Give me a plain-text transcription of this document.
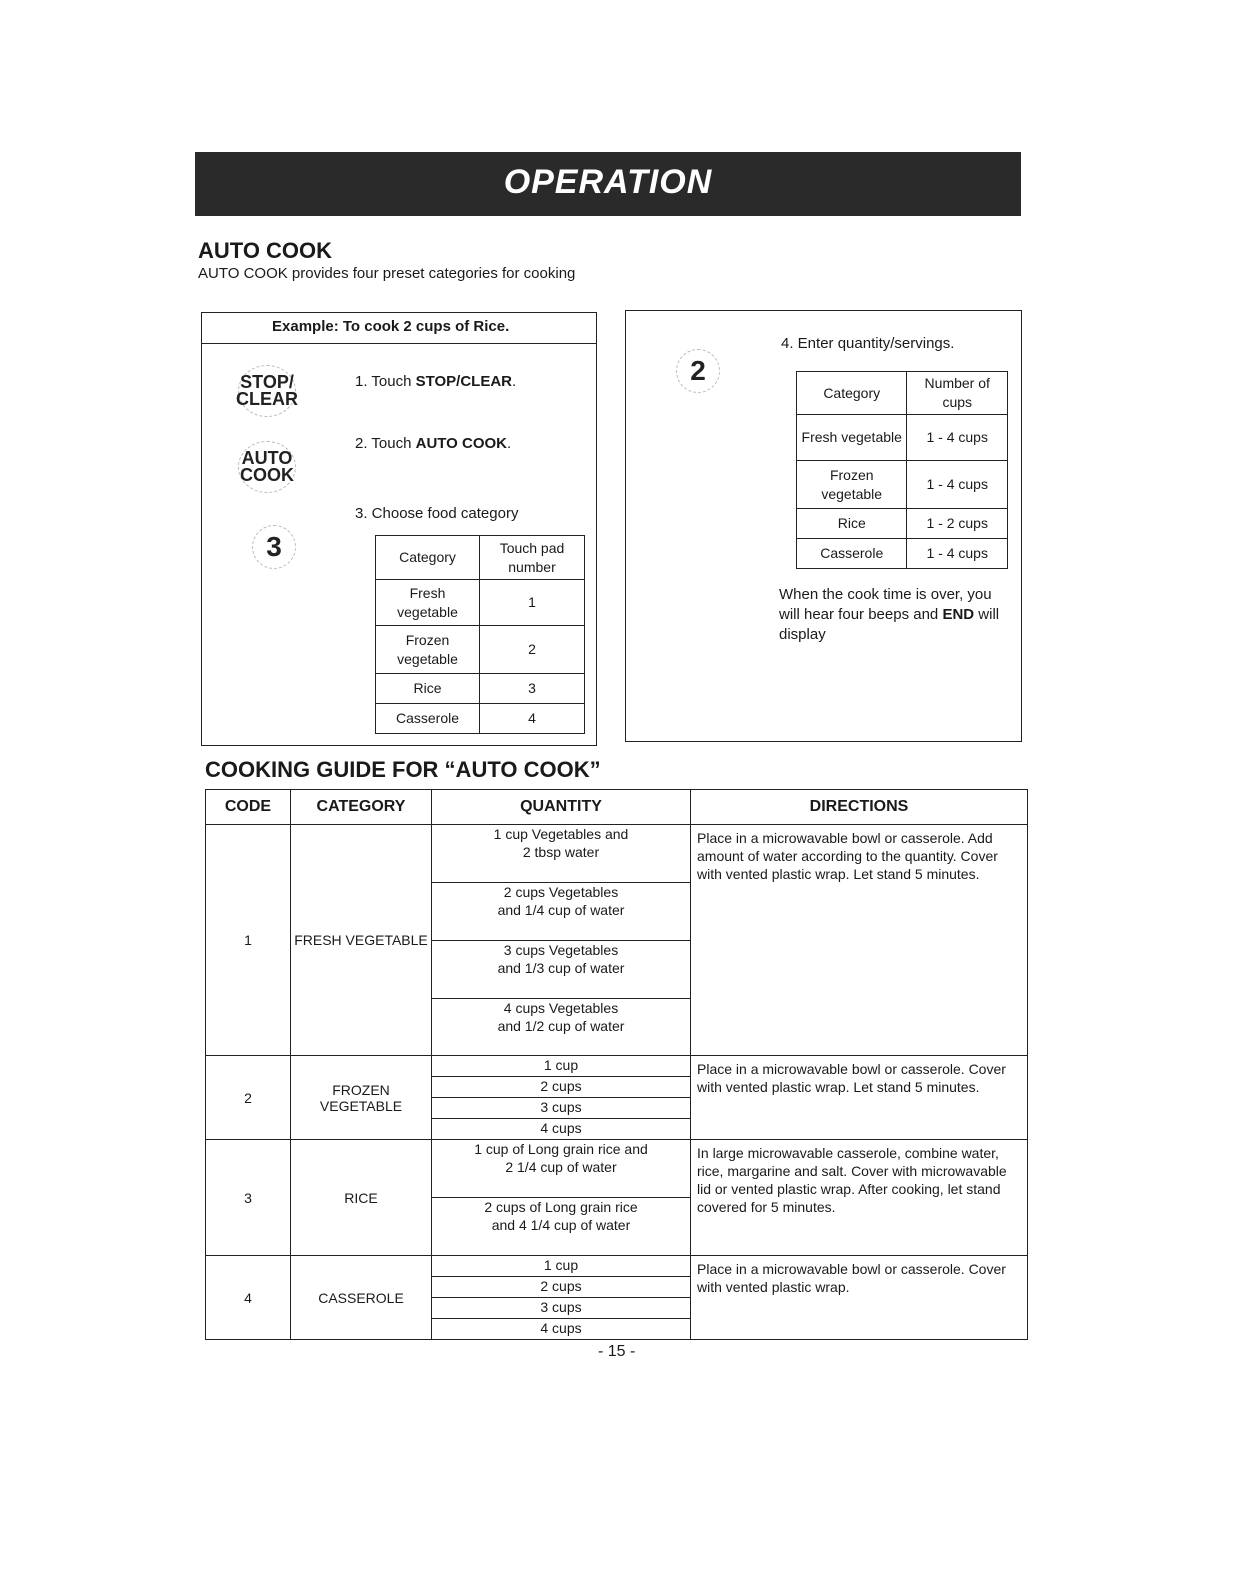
OPERATION
AUTO COOK
AUTO COOK provides four preset categories for cooking
Example: To cook 2 cups of Rice.
STOP/ CLEAR
1. Touch STOP/CLEAR.
AUTO COOK
2. Touch AUTO COOK.
3
3. Choose food category
Category	Touch pad number
Fresh vegetable	1
Frozen vegetable	2
Rice	3
Casserole	4
2
4. Enter quantity/servings.
Category	Number of cups
Fresh vegetable	1 - 4 cups
Frozen vegetable	1 - 4 cups
Rice	1 - 2 cups
Casserole	1 - 4 cups
When the cook time is over, you will hear four beeps and END will display
COOKING GUIDE FOR “AUTO COOK”
CODE	CATEGORY	QUANTITY	DIRECTIONS
1	FRESH VEGETABLE	1 cup Vegetables and 2 tbsp water
2 cups Vegetables and 1/4 cup of water
3 cups Vegetables and 1/3 cup of water
4 cups Vegetables and 1/2 cup of water	Place in a microwavable bowl or casserole. Add amount of water according to the quantity. Cover with vented plastic wrap. Let stand 5 minutes.
2	FROZEN VEGETABLE	1 cup
2 cups
3 cups
4 cups	Place in a microwavable bowl or casserole. Cover with vented plastic wrap. Let stand 5 minutes.
3	RICE	1 cup of Long grain rice and 2 1/4 cup of water
2 cups of Long grain rice and 4 1/4 cup of water	In large microwavable casserole, combine water, rice, margarine and salt. Cover with microwavable lid or vented plastic wrap. After cooking, let stand covered for 5 minutes.
4	CASSEROLE	1 cup
2 cups
3 cups
4 cups	Place in a microwavable bowl or casserole. Cover with vented plastic wrap.
- 15 -
